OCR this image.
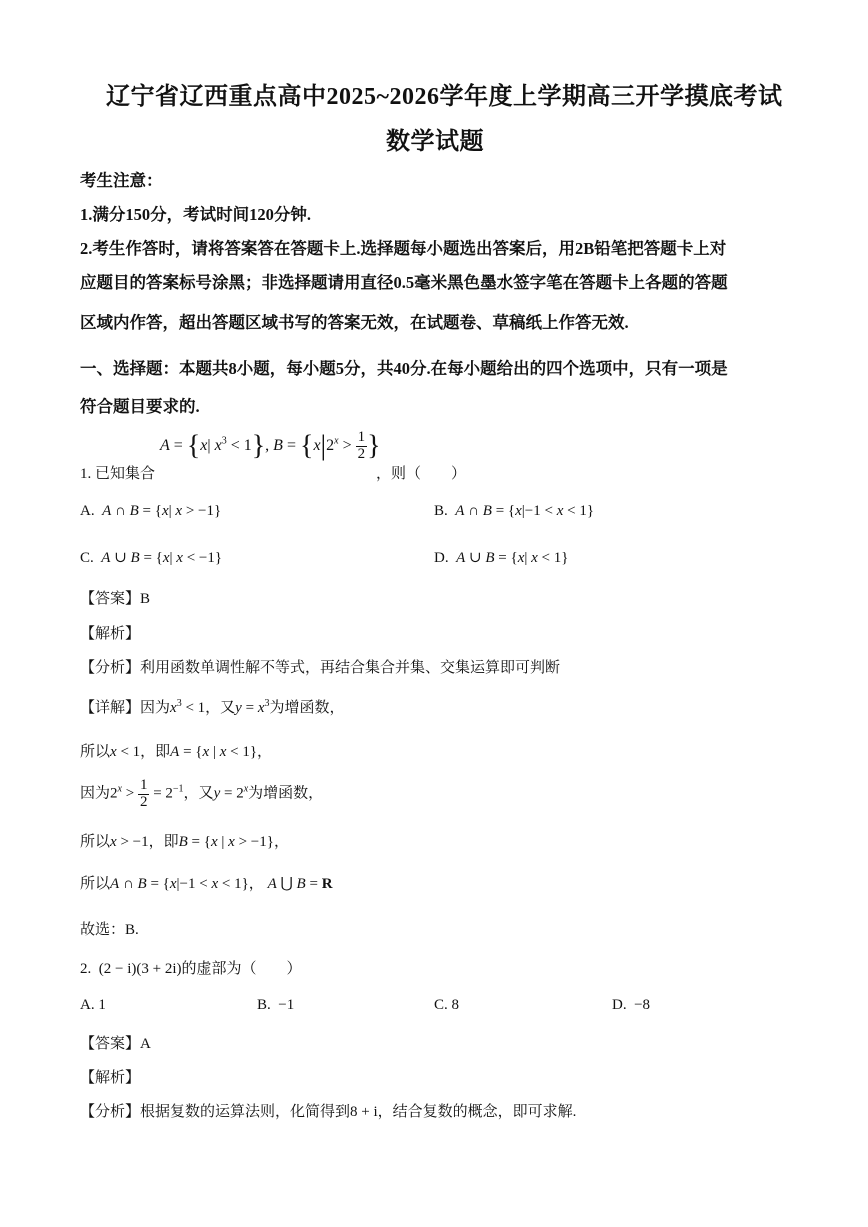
辽宁省辽西重点高中2025~2026学年度上学期高三开学摸底考试
数学试题
考生注意：
1.满分150分，考试时间120分钟.
2.考生作答时，请将答案答在答题卡上.选择题每小题选出答案后，用2B铅笔把答题卡上对
应题目的答案标号涂黑；非选择题请用直径0.5毫米黑色墨水签字笔在答题卡上各题的答题
区域内作答，超出答题区域书写的答案无效，在试题卷、草稿纸上作答无效.
一、选择题：本题共8小题，每小题5分，共40分.在每小题给出的四个选项中，只有一项是
符合题目要求的.
1. 已知集合
A = {x| $x^3 < 1$}, $B = \{x|2^x > \frac{1}{2}$ }
，则（　　）
A. A ∩ B = {x| x > −1}	B. A ∩ B = {x|−1 < x < 1}
C. A ∪ B = {x| x < −1}	D. A ∪ B = {x| x < 1}
【答案】B
【解析】
【分析】利用函数单调性解不等式，再结合集合并集、交集运算即可判断
【详解】因为$x^3 < 1$，又$y = x^3$为增函数，
所以x < 1，即A = {x | x < 1}，
因为$2^x > \frac{1}{2} = 2^{-1}$，又$y = 2^x$为增函数，
所以x > −1，即B = {x | x > −1}，
所以A ∩ B = {x|−1 < x < 1}， A ⋃ B = R
故选：B.
2.  (2 − i)(3 + 2i)的虚部为（　　）
A. 1	B. −1	C. 8	D. −8
【答案】A
【解析】
【分析】根据复数的运算法则，化简得到8 + i，结合复数的概念，即可求解.
